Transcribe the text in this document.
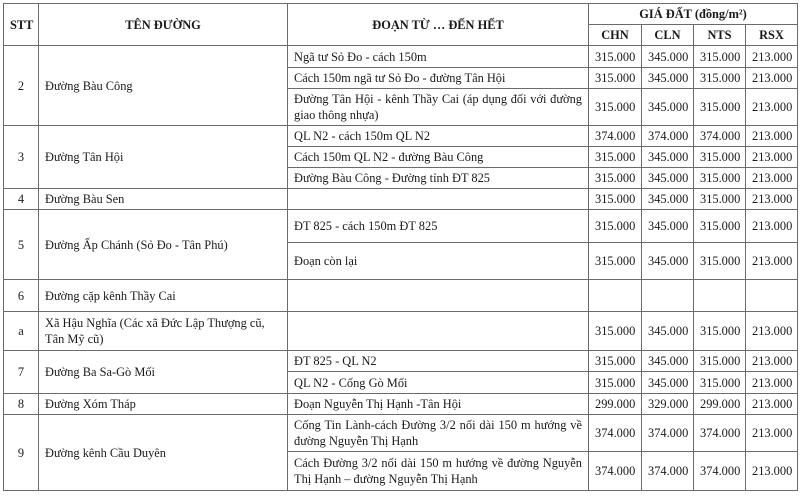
STT	TÊN ĐƯỜNG	ĐOẠN TỪ … ĐẾN HẾT	GIÁ ĐẤT (đồng/m²)			
			CHN	CLN	NTS	RSX
2	Đường Bàu Công	Ngã tư Sỏ Đo - cách 150m	315.000	345.000	315.000	213.000
		Cách 150m ngã tư Sỏ Đo - đường Tân Hội	315.000	345.000	315.000	213.000
		Đường Tân Hội - kênh Thầy Cai (áp dụng đối với đường giao thông nhựa)	315.000	345.000	315.000	213.000
3	Đường Tân Hội	QL N2 - cách 150m QL N2	374.000	374.000	374.000	213.000
		Cách 150m QL N2 - đường Bàu Công	315.000	345.000	315.000	213.000
		Đường Bàu Công - Đường tỉnh ĐT 825	315.000	345.000	315.000	213.000
4	Đường Bàu Sen		315.000	345.000	315.000	213.000
5	Đường Ấp Chánh (Sỏ Đo - Tân Phú)	ĐT 825 - cách 150m ĐT 825	315.000	345.000	315.000	213.000
		Đoạn còn lại	315.000	345.000	315.000	213.000
6	Đường cặp kênh Thầy Cai					
a	Xã Hậu Nghĩa (Các xã Đức Lập Thượng cũ, Tân Mỹ cũ)		315.000	345.000	315.000	213.000
7	Đường Ba Sa-Gò Mối	ĐT 825 - QL N2	315.000	345.000	315.000	213.000
		QL N2 - Cống Gò Mối	315.000	345.000	315.000	213.000
8	Đường Xóm Tháp	Đoạn Nguyễn Thị Hạnh -Tân Hội	299.000	329.000	299.000	213.000
9	Đường kênh Cầu Duyên	Cống Tin Lành-cách Đường 3/2 nối dài 150 m hướng về đường Nguyễn Thị Hạnh	374.000	374.000	374.000	213.000
		Cách Đường 3/2 nối dài 150 m hướng về đường Nguyễn Thị Hạnh – đường Nguyễn Thị Hạnh	374.000	374.000	374.000	213.000
